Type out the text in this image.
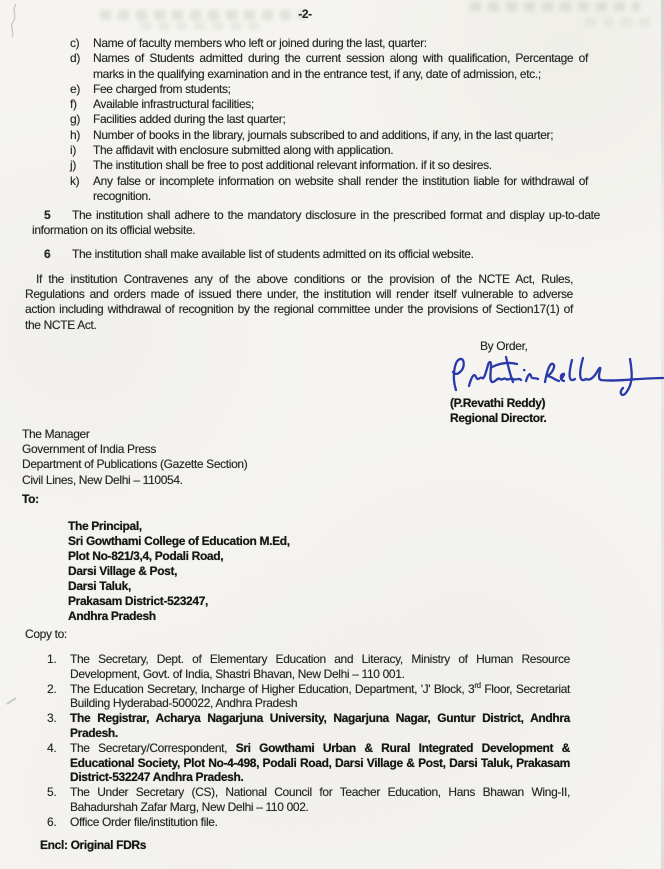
-2-
c)	Name of faculty members who left or joined during the last, quarter:
d)	Names of Students admitted during the current session along with qualification, Percentage of marks in the qualifying examination and in the entrance test, if any, date of admission, etc.;
e)	Fee charged from students;
f)	Available infrastructural facilities;
g)	Facilities added during the last quarter;
h)	Number of books in the library, journals subscribed to and additions, if any, in the last quarter;
i)	The affidavit with enclosure submitted along with application.
j)	The institution shall be free to post additional relevant information. if it so desires.
k)	Any false or incomplete information on website shall render the institution liable for withdrawal of recognition.
5	The institution shall adhere to the mandatory disclosure in the prescribed format and display up-to-date information on its official website.
6	The institution shall make available list of students admitted on its official website.
If the institution Contravenes any of the above conditions or the provision of the NCTE Act, Rules, Regulations and orders made of issued there under, the institution will render itself vulnerable to adverse action including withdrawal of recognition by the regional committee under the provisions of Section17(1) of the NCTE Act.
By Order,
(P.Revathi Reddy)
Regional Director.
The Manager
Government of India Press
Department of Publications (Gazette Section)
Civil Lines, New Delhi – 110054.
To:
The Principal,
Sri Gowthami College of Education M.Ed,
Plot No-821/3,4, Podali Road,
Darsi Village & Post,
Darsi Taluk,
Prakasam District-523247,
Andhra Pradesh
Copy to:
1.	The Secretary, Dept. of Elementary Education and Literacy, Ministry of Human Resource Development, Govt. of India, Shastri Bhavan, New Delhi – 110 001.
2.	The Education Secretary, Incharge of Higher Education, Department, 'J' Block, 3rd Floor, Secretariat Building Hyderabad-500022, Andhra Pradesh
3.	The Registrar, Acharya Nagarjuna University, Nagarjuna Nagar, Guntur District, Andhra Pradesh.
4.	The Secretary/Correspondent, Sri Gowthami Urban & Rural Integrated Development & Educational Society, Plot No-4-498, Podali Road, Darsi Village & Post, Darsi Taluk, Prakasam District-532247 Andhra Pradesh.
5.	The Under Secretary (CS), National Council for Teacher Education, Hans Bhawan Wing-II, Bahadurshah Zafar Marg, New Delhi – 110 002.
6.	Office Order file/institution file.
Encl: Original FDRs
